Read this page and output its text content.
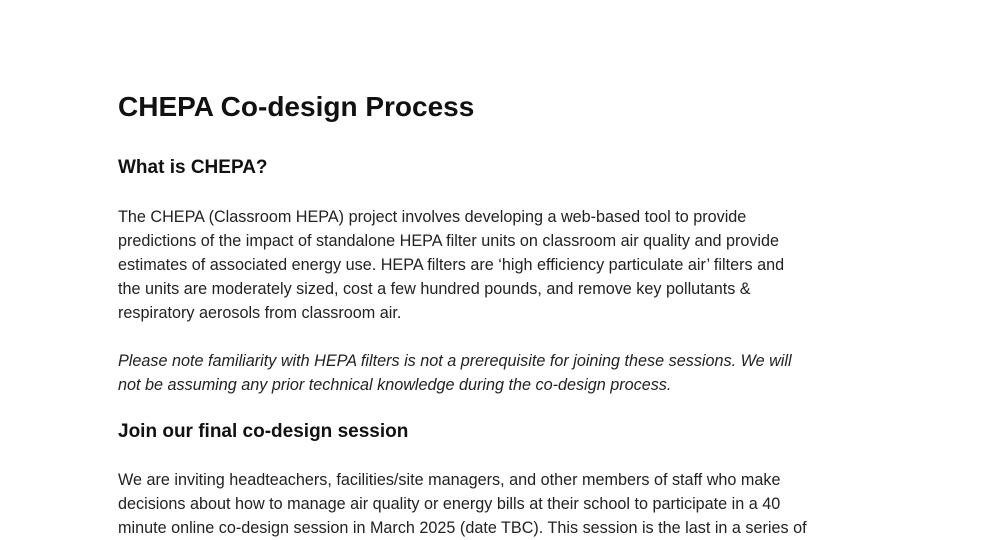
CHEPA Co-design Process
What is CHEPA?

The CHEPA (Classroom HEPA) project involves developing a web-based tool to provide
predictions of the impact of standalone HEPA filter units on classroom air quality and provide
estimates of associated energy use. HEPA filters are ‘high efficiency particulate air’ filters and
the units are moderately sized, cost a few hundred pounds, and remove key pollutants &
respiratory aerosols from classroom air.

Please note familiarity with HEPA filters is not a prerequisite for joining these sessions. We will
not be assuming any prior technical knowledge during the co-design process.

Join our final co-design session

We are inviting headteachers, facilities/site managers, and other members of staff who make
decisions about how to manage air quality or energy bills at their school to participate in a 40
minute online co-design session in March 2025 (date TBC). This session is the last in a series of
